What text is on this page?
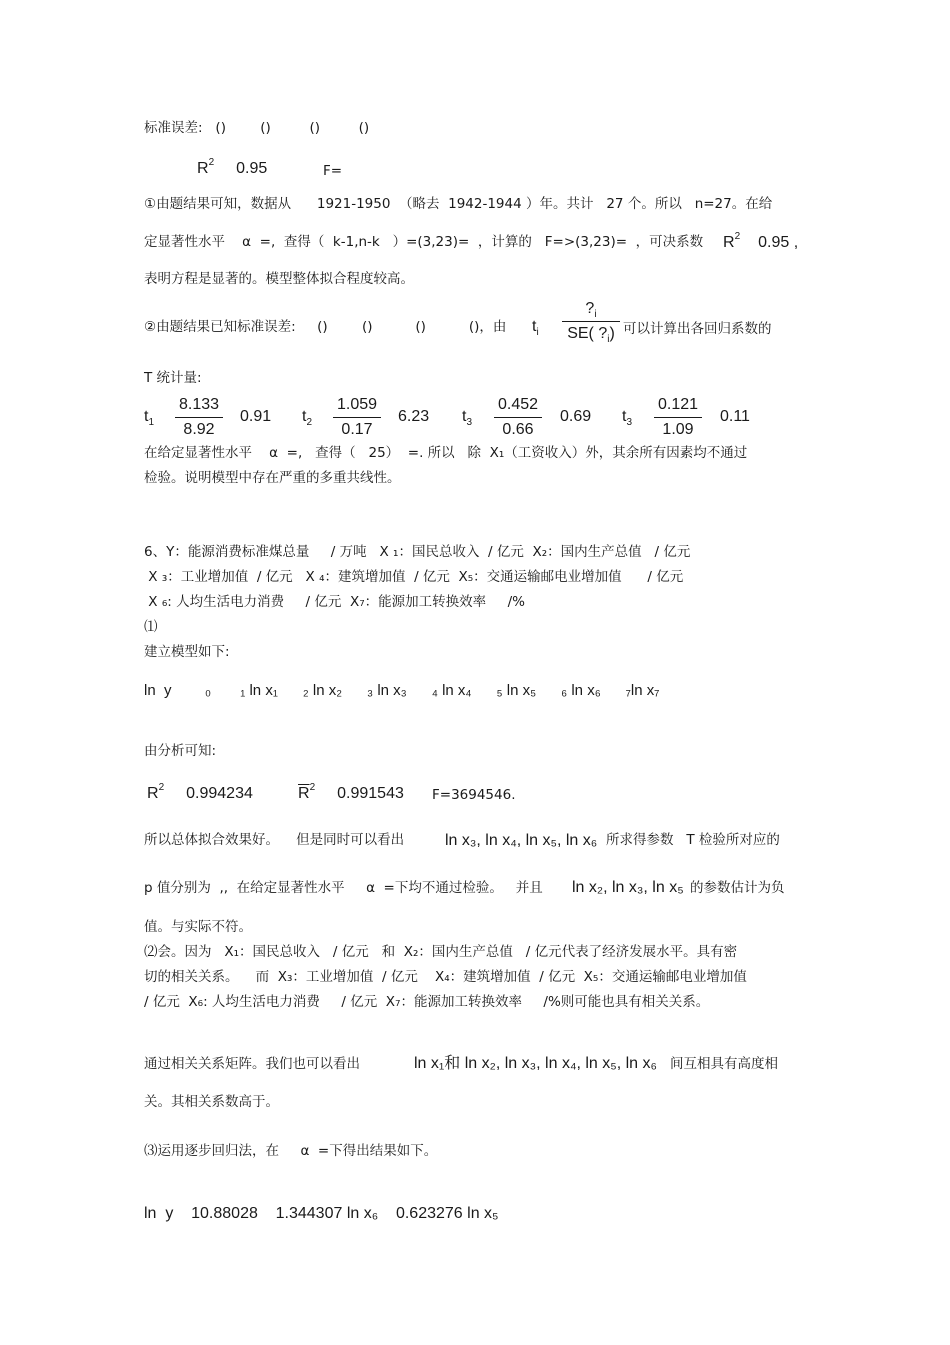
标准误差:   ()        ()         ()         ()
$R^2$ 0.95	F=
①由题结果可知，数据从      1921-1950  （略去  1942-1944 ）年。共计   27 个。所以   n=27。在给
定显著性水平    α  =,  查得（  k-1,n-k   ）=(3,23)=  ，计算的   F=>(3,23)=  ，可决系数 $R^2$ 0.95 ,
表明方程是显著的。模型整体拟合程度较高。
②由题结果已知标准误差:     ()        ()          ()          ()，由 $t_i \frac{?_i}{SE( ?_i)}$ 可以计算出各回归系数的
T 统计量:
$t_1 \frac{8.133}{8.92} 0.91$ $t_2 \frac{1.059}{0.17} 6.23$ $t_3 \frac{0.452}{0.66} 0.69$ $t_3 \frac{0.121}{1.09} 0.11$
在给定显著性水平    α  =,   查得（   25）  =. 所以   除  X₁（工资收入）外，其余所有因素均不通过
检验。说明模型中存在严重的多重共线性。
6、Y：能源消费标准煤总量     / 万吨   X ₁：国民总收入  / 亿元  X₂：国内生产总值   / 亿元
X ₃：工业增加值  / 亿元   X ₄：建筑增加值  / 亿元  X₅：交通运输邮电业增加值      / 亿元
X ₆: 人均生活电力消费     / 亿元  X₇：能源加工转换效率     /%
⑴
建立模型如下:
ln  y        ₀       ₁ ln x₁      ₂ ln x₂      ₃ ln x₃      ₄ ln x₄      ₅ ln x₅      ₆ ln x₆      ₇ln x₇
由分析可知:
$R^2$ 0.994234	$\overline{R}^2$ 0.991543 F=3694546.
所以总体拟合效果好。    但是同时可以看出	ln x₃, ln x₄, ln x₅, ln x₆ 所求得参数   T 检验所对应的
p 值分别为  ,,  在给定显著性水平     α  =下均不通过检验。   并且 ln x₂, ln x₃, ln x₅ 的参数估计为负
值。与实际不符。
⑵会。因为   X₁：国民总收入   / 亿元   和  X₂：国内生产总值   / 亿元代表了经济发展水平。具有密
切的相关关系。    而  X₃：工业增加值  / 亿元    X₄：建筑增加值  / 亿元  X₅：交通运输邮电业增加值
/ 亿元  X₆: 人均生活电力消费     / 亿元  X₇：能源加工转换效率     /%则可能也具有相关关系。
通过相关关系矩阵。我们也可以看出	ln x₁和 ln x₂, ln x₃, ln x₄, ln x₅, ln x₆ 间互相具有高度相
关。其相关系数高于。
⑶运用逐步回归法，在     α  =下得出结果如下。
ln  y    10.88028    1.344307 ln x₆    0.623276 ln x₅
